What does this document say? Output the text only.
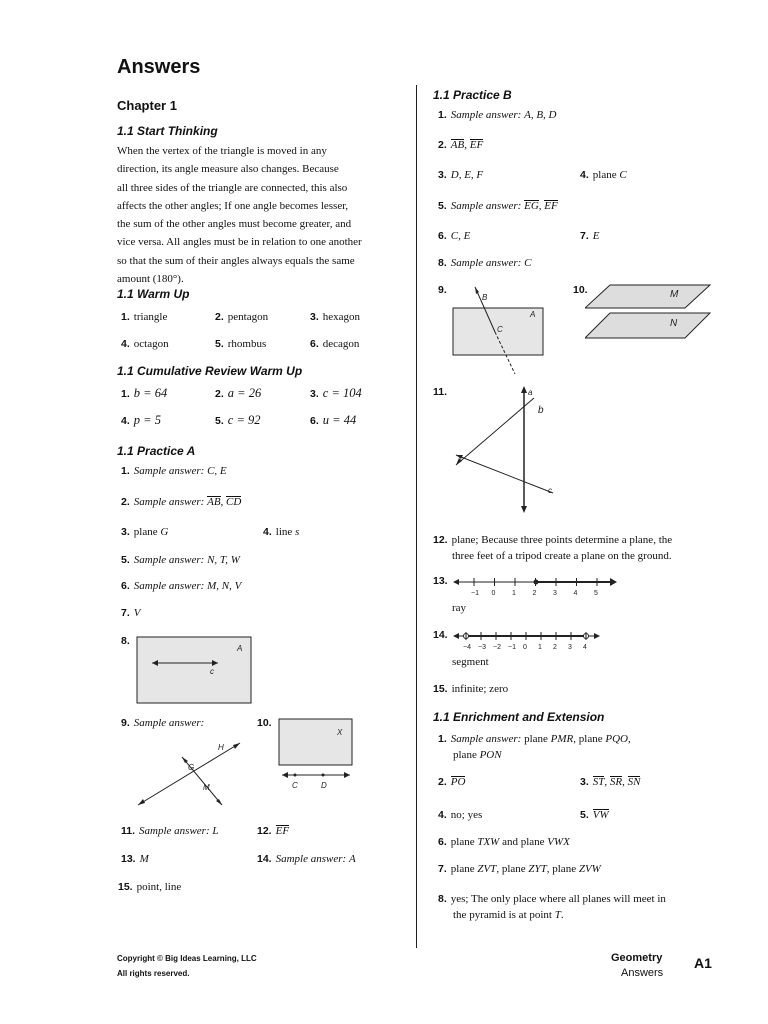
Answers
Chapter 1
1.1 Start Thinking
When the vertex of the triangle is moved in any
direction, its angle measure also changes. Because
all three sides of the triangle are connected, this also
affects the other angles; If one angle becomes lesser,
the sum of the other angles must become greater, and
vice versa. All angles must be in relation to one another
so that the sum of their angles always equals the same
amount (180°).
1.1 Warm Up
1.1 Cumulative Review Warm Up
1.1 Practice A
1. Sample answer: C, E
2. Sample answer: AB, CD
3. plane G	4. line s
5. Sample answer: N, T, W
6. Sample answer: M, N, V
7. V
8.
A
c
9. Sample answer:
H
G
M
10.
X
C	D
11. Sample answer: L	12. EF
13. M	14. Sample answer: A
15. point, line
1.1 Practice B
1. Sample answer: A, B, D
2. AB, EF
3. D, E, F	4. plane C
5. Sample answer: EG, EF
6. C, E	7. E
8. Sample answer: C
9.
B
A
C
10.	M
N
11.	a
b
c
12. plane; Because three points determine a plane, the
three feet of a tripod create a plane on the ground.
13.
−1 0 1 2 3 4 5
ray
14.
−4 −3 −2 −1 0 1 2 3 4
segment
15. infinite; zero
1.1 Enrichment and Extension
1. Sample answer: plane PMR, plane PQO,
plane PON
2. PO	3. ST, SR, SN
4. no; yes	5. VW
6. plane TXW and plane VWX
7. plane ZVT, plane ZYT, plane ZVW
8. yes; The only place where all planes will meet in
the pyramid is at point T.
Copyright © Big Ideas Learning, LLC
All rights reserved.
Geometry
Answers
A1
1. triangle	2. pentagon	3. hexagon
4. octagon	5. rhombus	6. decagon
1. b = 64	2. a = 26	3. c = 104
4. p = 5	5. c = 92	6. u = 44
